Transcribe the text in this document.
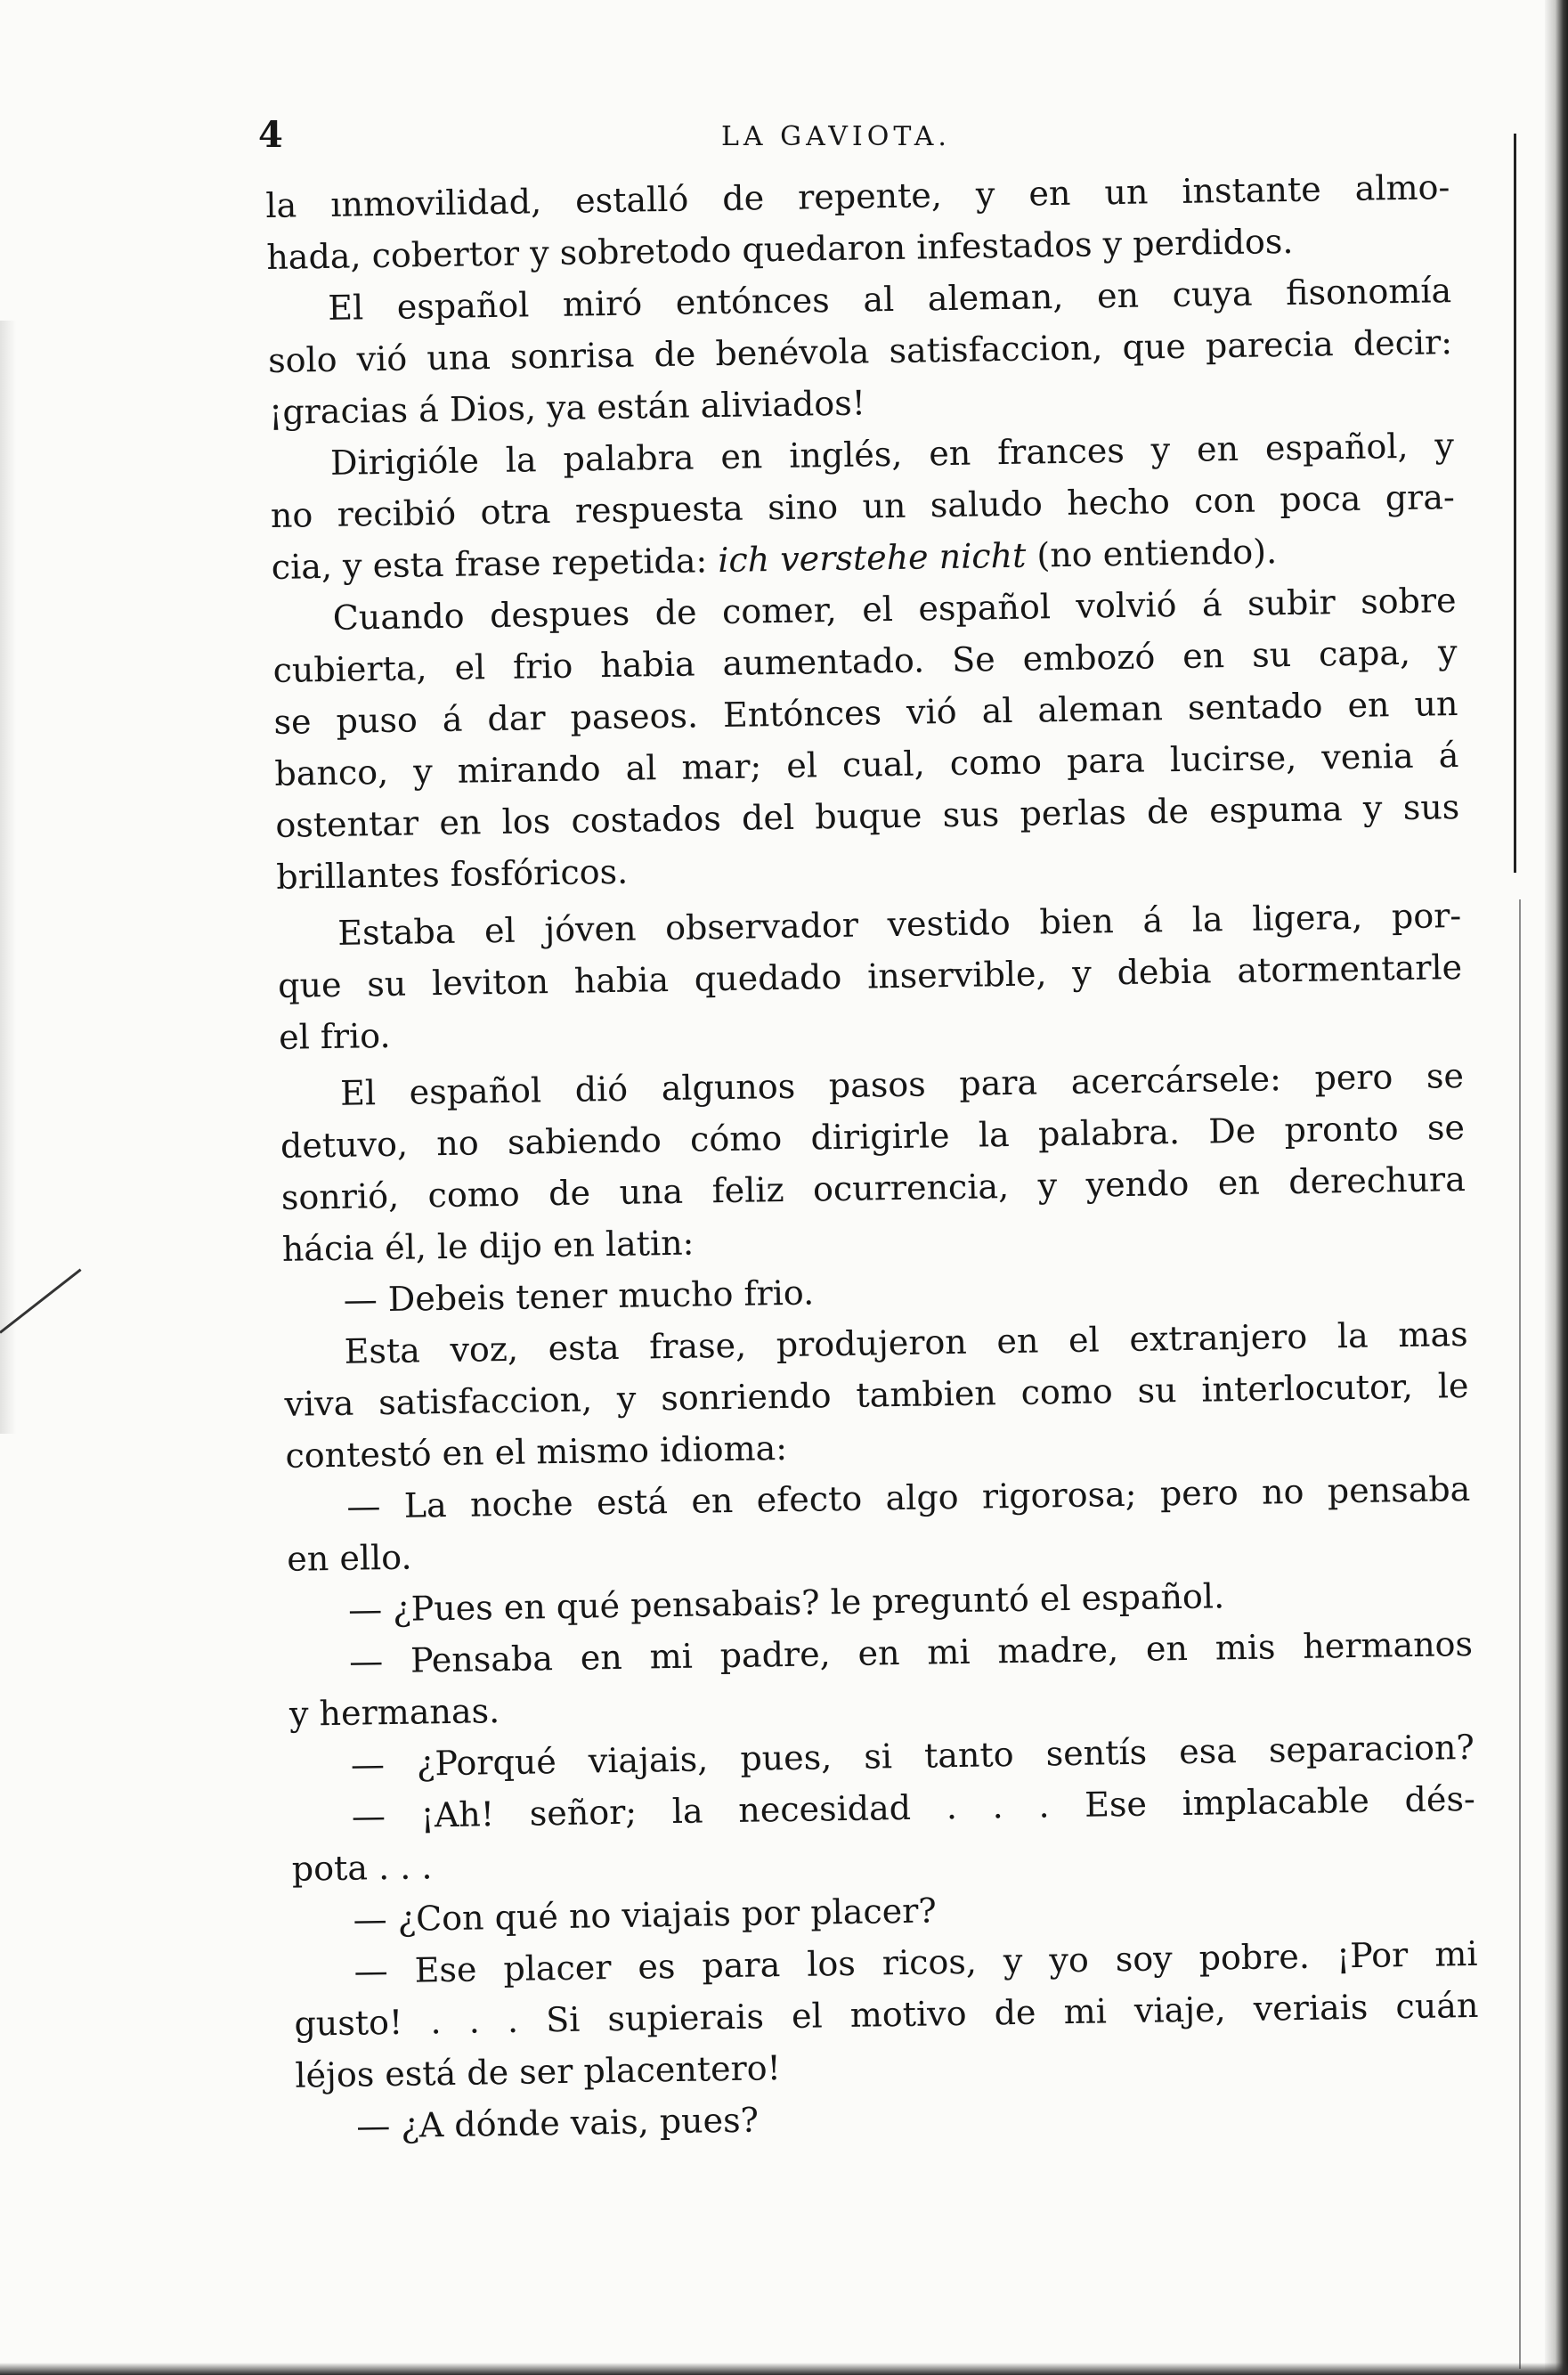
4	LA GAVIOTA.
la ınmovilidad, estalló de repente, y en un instante almo-
hada, cobertor y sobretodo quedaron infestados y perdidos.
El español miró entónces al aleman, en cuya fisonomía
solo vió una sonrisa de benévola satisfaccion, que parecia decir:
¡gracias á Dios, ya están aliviados!
Dirigióle la palabra en inglés, en frances y en español, y
no recibió otra respuesta sino un saludo hecho con poca gra-
cia, y esta frase repetida: ich verstehe nicht (no entiendo).
Cuando despues de comer, el español volvió á subir sobre
cubierta, el frio habia aumentado. Se embozó en su capa, y
se puso á dar paseos. Entónces vió al aleman sentado en un
banco, y mirando al mar; el cual, como para lucirse, venia á
ostentar en los costados del buque sus perlas de espuma y sus
brillantes fosfóricos.
Estaba el jóven observador vestido bien á la ligera, por-
que su leviton habia quedado inservible, y debia atormentarle
el frio.
El español dió algunos pasos para acercársele: pero se
detuvo, no sabiendo cómo dirigirle la palabra. De pronto se
sonrió, como de una feliz ocurrencia, y yendo en derechura
hácia él, le dijo en latin:
— Debeis tener mucho frio.
Esta voz, esta frase, produjeron en el extranjero la mas
viva satisfaccion, y sonriendo tambien como su interlocutor, le
contestó en el mismo idioma:
— La noche está en efecto algo rigorosa; pero no pensaba
en ello.
— ¿Pues en qué pensabais? le preguntó el español.
— Pensaba en mi padre, en mi madre, en mis hermanos
y hermanas.
— ¿Porqué viajais, pues, si tanto sentís esa separacion?
— ¡Ah! señor; la necesidad . . . Ese implacable dés-
pota . . .
— ¿Con qué no viajais por placer?
— Ese placer es para los ricos, y yo soy pobre. ¡Por mi
gusto! . . . Si supierais el motivo de mi viaje, veriais cuán
léjos está de ser placentero!
— ¿A dónde vais, pues?
